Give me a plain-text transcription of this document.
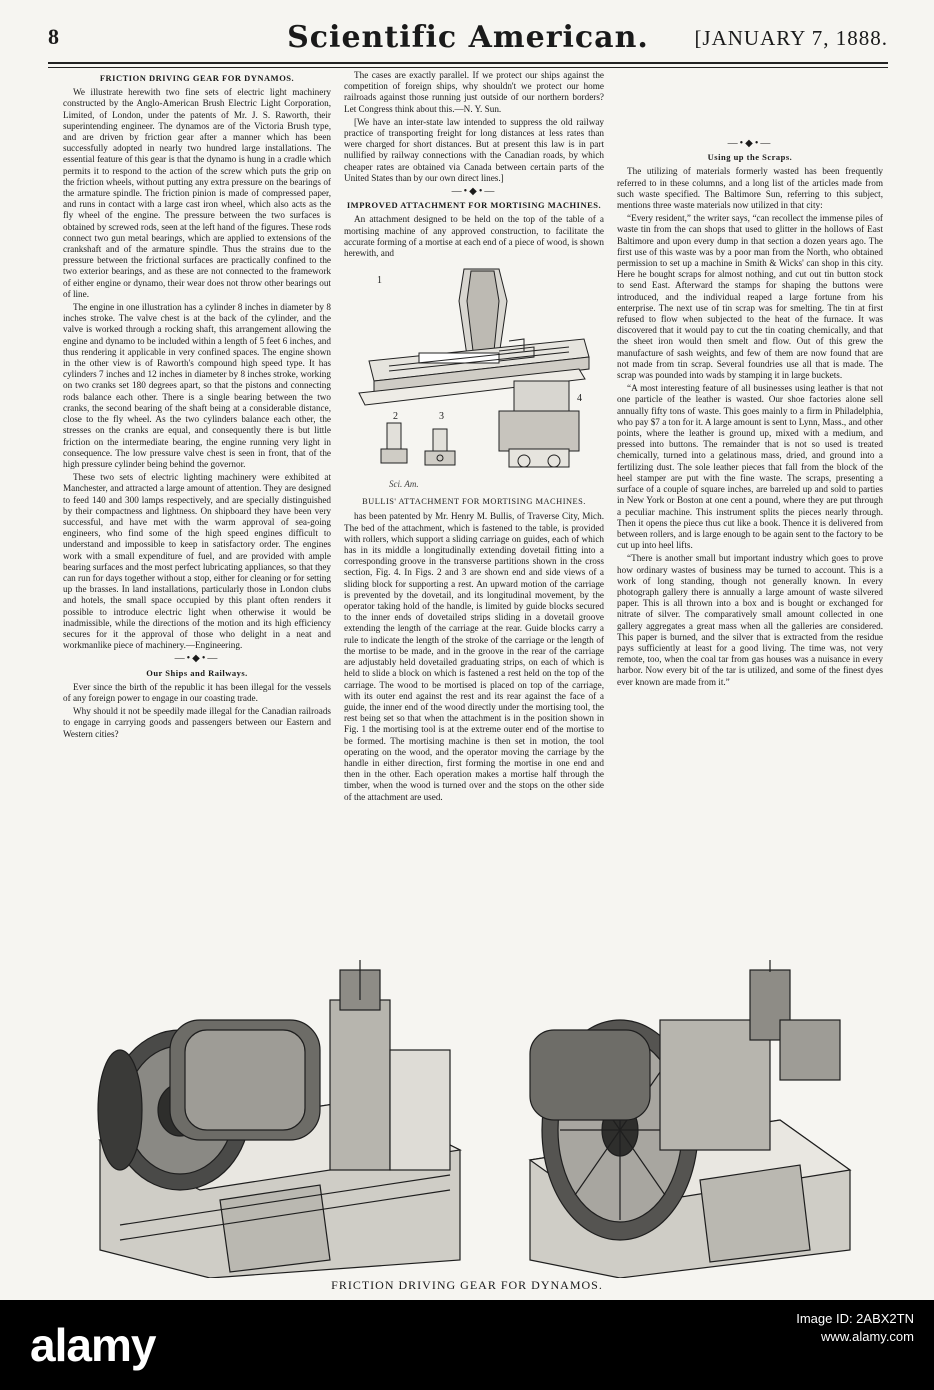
8	Scientific American.	[JANUARY 7, 1888.
FRICTION DRIVING GEAR FOR DYNAMOS.

We illustrate herewith two fine sets of electric light machinery constructed by the Anglo-American Brush Electric Light Corporation, Limited, of London, under the patents of Mr. J. S. Raworth, their superintending engineer. The dynamos are of the Victoria Brush type, and are driven by friction gear after a manner which has been successfully adopted in nearly two hundred large installations. The essential feature of this gear is that the dynamo is hung in a cradle which permits it to respond to the action of the screw which puts the grip on the friction wheels, without putting any extra pressure on the bearings of the armature spindle. The friction pinion is made of compressed paper, and runs in contact with a large cast iron wheel, which also acts as the fly wheel of the engine. The pressure between the two surfaces is obtained by screwed rods, seen at the left hand of the figures. These rods connect two gun metal bearings, which are applied to extensions of the crankshaft and of the armature spindle. Thus the strains due to the pressure between the frictional surfaces are practically confined to the two exterior bearings, and as these are not connected to the framework of either engine or dynamo, their wear does not throw other bearings out of line.

The engine in one illustration has a cylinder 8 inches in diameter by 8 inches stroke. The valve chest is at the back of the cylinder, and the valve is worked through a rocking shaft, this arrangement allowing the engine and dynamo to be included within a length of 5 feet 6 inches, and thus rendering it applicable in very confined spaces. The engine shown in the other view is of Raworth's compound high speed type. It has cylinders 7 inches and 12 inches in diameter by 8 inches stroke, working on two cranks set 180 degrees apart, so that the pistons and connecting rods balance each other. There is a single bearing between the two cranks, the second bearing of the shaft being at a considerable distance, close to the fly wheel. As the two cylinders balance each other, the stresses on the cranks are equal, and consequently there is but little friction on the intermediate bearing, the engine running very light in consequence. The low pressure valve chest is seen in front, that of the high pressure cylinder being behind the governor.

These two sets of electric lighting machinery were exhibited at Manchester, and attracted a large amount of attention. They are designed to feed 140 and 300 lamps respectively, and are specially distinguished by their compactness and lightness. On shipboard they have been very successful, and have met with the warm approval of sea-going engineers, who find some of the high speed engines difficult to understand and impossible to keep in satisfactory order. The engines work with a small expenditure of fuel, and are provided with ample bearing surfaces and the most perfect lubricating appliances, so that they can run for days together without a stop, either for cleaning or for setting up the brasses. In land installations, particularly those in London clubs and hotels, the small space occupied by this plant often renders it possible to introduce electric light when otherwise it would be inadmissible, while the directions of the motion and its high efficiency secures for it the approval of those who delight in a neat and workmanlike piece of machinery.—Engineering.

—•◆•—
Our Ships and Railways.

Ever since the birth of the republic it has been illegal for the vessels of any foreign power to engage in our coasting trade.

Why should it not be speedily made illegal for the Canadian railroads to engage in carrying goods and passengers between our Eastern and Western cities?

The cases are exactly parallel. If we protect our ships against the competition of foreign ships, why shouldn't we protect our home railroads against those running just outside of our northern borders? Let Congress think about this.—N. Y. Sun.

[We have an inter-state law intended to suppress the old railway practice of transporting freight for long distances at less rates than were charged for short distances. But at present this law is in part nullified by railway connections with the Canadian roads, by which cheaper rates are obtained via Canada between certain parts of the United States than by our own direct lines.]

—•◆•—
IMPROVED ATTACHMENT FOR MORTISING MACHINES.

An attachment designed to be held on the top of the table of a mortising machine of any approved construction, to facilitate the accurate forming of a mortise at each end of a piece of wood, is shown herewith, and

1
2	3
4
Sci. Am.
BULLIS' ATTACHMENT FOR MORTISING MACHINES.

has been patented by Mr. Henry M. Bullis, of Traverse City, Mich. The bed of the attachment, which is fastened to the table, is provided with rollers, which support a sliding carriage on guides, each of which has in its middle a longitudinally extending dovetail fitting into a corresponding groove in the transverse partitions shown in the cross section, Fig. 4. In Figs. 2 and 3 are shown end and side views of a sliding block for supporting a rest. An upward motion of the carriage is prevented by the dovetail, and its longitudinal movement, by the operator taking hold of the handle, is limited by guide blocks secured to the inner ends of dovetailed strips sliding in a dovetail groove extending the length of the carriage at the rear. Guide blocks carry a rule to indicate the length of the stroke of the carriage or the length of the mortise to be made, and in the groove in the rear of the carriage are adjustably held dovetailed graduating strips, on each of which is held to slide a block on which is fastened a rest held on the top of the carriage. The wood to be mortised is placed on top of the carriage, with its outer end against the rest and its rear against the face of a guide, the inner end of the wood directly under the mortising tool, the rest being set so that when the attachment is in the position shown in Fig. 1 the mortising tool is at the extreme outer end of the mortise to be formed. The mortising machine is then set in motion, the tool operating on the wood, and the operator moving the carriage by the handle in either direction, first forming the mortise in one end and then in the other. Each operation makes a mortise half through the timber, when the wood is turned over and the stops on the other side of the attachment are used.

—•◆•—
Using up the Scraps.

The utilizing of materials formerly wasted has been frequently referred to in these columns, and a long list of the articles made from such waste specified. The Baltimore Sun, referring to this subject, mentions three waste materials now utilized in that city:

“Every resident,” the writer says, “can recollect the immense piles of waste tin from the can shops that used to glitter in the hollows of East Baltimore and upon every dump in that section a dozen years ago. The first use of this waste was by a poor man from the North, who obtained permission to set up a machine in Smith & Wicks' can shop in this city. Here he bought scraps for almost nothing, and cut out tin button stock to send East. Afterward the stamps for shaping the buttons were introduced, and the individual reaped a large fortune from his enterprise. The next use of tin scrap was for smelting. The tin at first refused to flow when subjected to the heat of the furnace. It was discovered that it would pay to cut the tin coating chemically, and that the sheet iron would then smelt and flow. Out of this grew the manufacture of sash weights, and few of them are now found that are not made from tin scrap. Several foundries use all that is made. The scrap was pounded into wads by stamping it in large buckets.

“A most interesting feature of all businesses using leather is that not one particle of the leather is wasted. Our shoe factories alone sell annually fifty tons of waste. This goes mainly to a firm in Philadelphia, who pay $7 a ton for it. A large amount is sent to Lynn, Mass., and other points, where the leather is ground up, mixed with a medium, and pressed into buttons. The remainder that is not so used is treated chemically, turned into a gelatinous mass, dried, and ground into a fertilizing dust. The sole leather pieces that fall from the block of the heel stamper are put with the fine waste. The scraps, presenting a surface of a couple of square inches, are barreled up and sold to parties in New York or Boston at one cent a pound, where they are put through a peculiar machine. This instrument splits the pieces nearly through. Then it opens the piece thus cut like a book. Thence it is delivered from between rollers, and is large enough to be again sent to the factory to be cut up into heel lifts.

“There is another small but important industry which goes to prove how ordinary wastes of business may be turned to account. This is a work of long standing, though not generally known. In every photograph gallery there is annually a large amount of waste silvered paper. This is all thrown into a box and is bought or exchanged for nitrate of silver. The comparatively small amount collected in one gallery aggregates a great mass when all the galleries are considered. This paper is burned, and the silver that is extracted from the residue pays sufficiently at least for a good living. The time was, not very remote, too, when the coal tar from gas houses was a nuisance in every harbor. Now every bit of the tar is utilized, and some of the finest dyes ever known are made from it.”

FRICTION DRIVING GEAR FOR DYNAMOS.
alamy
Image ID: 2ABX2TN
www.alamy.com
